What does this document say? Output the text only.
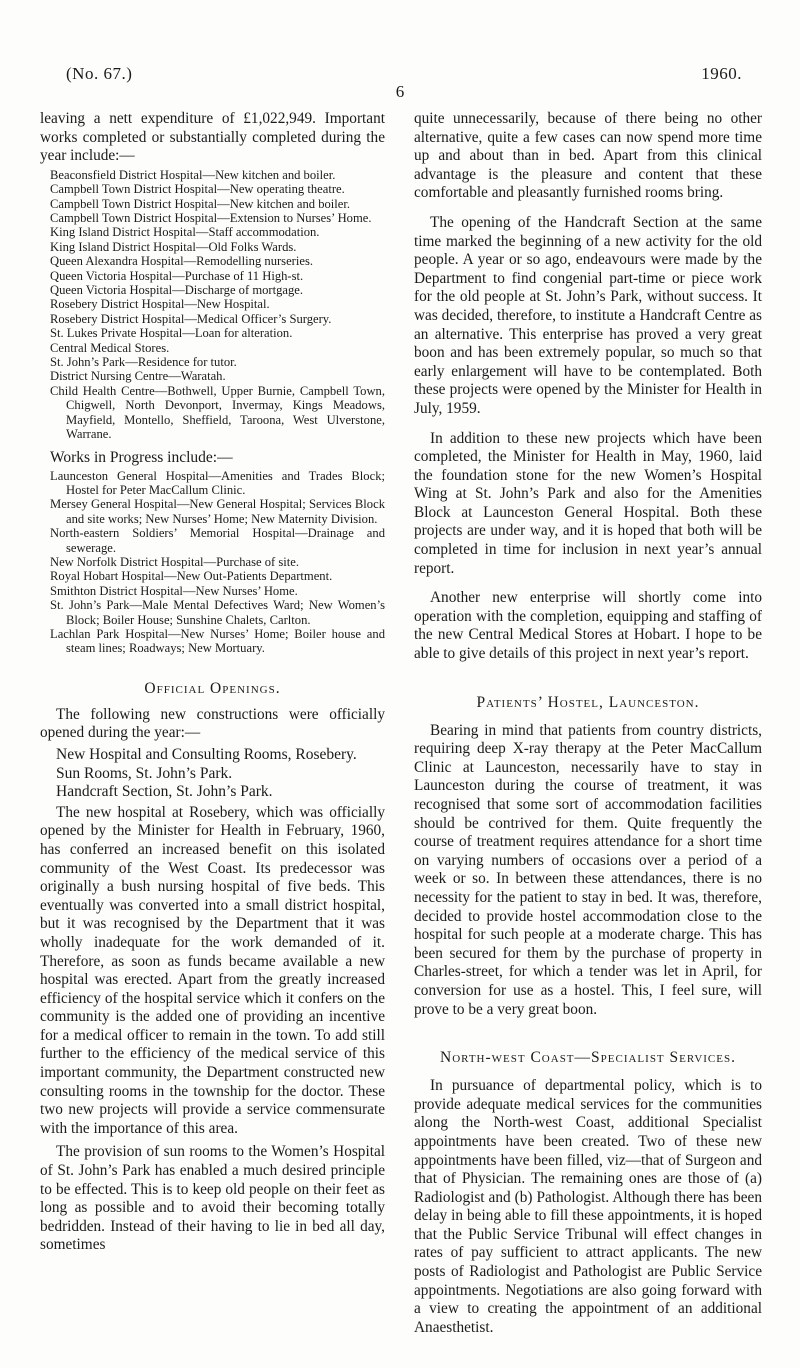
(No. 67.)
6
1960.

leaving a nett expenditure of £1,022,949. Important works completed or substantially completed during the year include:—

Beaconsfield District Hospital—New kitchen and boiler.
Campbell Town District Hospital—New operating theatre.
Campbell Town District Hospital—New kitchen and boiler.
Campbell Town District Hospital—Extension to Nurses’ Home.
King Island District Hospital—Staff accommodation.
King Island District Hospital—Old Folks Wards.
Queen Alexandra Hospital—Remodelling nurseries.
Queen Victoria Hospital—Purchase of 11 High-st.
Queen Victoria Hospital—Discharge of mortgage.
Rosebery District Hospital—New Hospital.
Rosebery District Hospital—Medical Officer’s Surgery.
St. Lukes Private Hospital—Loan for alteration.
Central Medical Stores.
St. John’s Park—Residence for tutor.
District Nursing Centre—Waratah.
Child Health Centre—Bothwell, Upper Burnie, Campbell Town, Chigwell, North Devonport, Invermay, Kings Meadows, Mayfield, Montello, Sheffield, Taroona, West Ulverstone, Warrane.
Works in Progress include:—
Launceston General Hospital—Amenities and Trades Block; Hostel for Peter MacCallum Clinic.
Mersey General Hospital—New General Hospital; Services Block and site works; New Nurses’ Home; New Maternity Division.
North-eastern Soldiers’ Memorial Hospital—Drainage and sewerage.
New Norfolk District Hospital—Purchase of site.
Royal Hobart Hospital—New Out-Patients Department.
Smithton District Hospital—New Nurses’ Home.
St. John’s Park—Male Mental Defectives Ward; New Women’s Block; Boiler House; Sunshine Chalets, Carlton.
Lachlan Park Hospital—New Nurses’ Home; Boiler house and steam lines; Roadways; New Mortuary.
Official Openings.

The following new constructions were officially opened during the year:—

New Hospital and Consulting Rooms, Rosebery.
Sun Rooms, St. John’s Park.
Handcraft Section, St. John’s Park.

The new hospital at Rosebery, which was officially opened by the Minister for Health in February, 1960, has conferred an increased benefit on this isolated community of the West Coast. Its predecessor was originally a bush nursing hospital of five beds. This eventually was converted into a small district hospital, but it was recognised by the Department that it was wholly inadequate for the work demanded of it. Therefore, as soon as funds became available a new hospital was erected. Apart from the greatly increased efficiency of the hospital service which it confers on the community is the added one of providing an incentive for a medical officer to remain in the town. To add still further to the efficiency of the medical service of this important community, the Department constructed new consulting rooms in the township for the doctor. These two new projects will provide a service commensurate with the importance of this area.

The provision of sun rooms to the Women’s Hospital of St. John’s Park has enabled a much desired principle to be effected. This is to keep old people on their feet as long as possible and to avoid their becoming totally bedridden. Instead of their having to lie in bed all day, sometimes

quite unnecessarily, because of there being no other alternative, quite a few cases can now spend more time up and about than in bed. Apart from this clinical advantage is the pleasure and content that these comfortable and pleasantly furnished rooms bring.

The opening of the Handcraft Section at the same time marked the beginning of a new activity for the old people. A year or so ago, endeavours were made by the Department to find congenial part-time or piece work for the old people at St. John’s Park, without success. It was decided, therefore, to institute a Handcraft Centre as an alternative. This enterprise has proved a very great boon and has been extremely popular, so much so that early enlargement will have to be contemplated. Both these projects were opened by the Minister for Health in July, 1959.

In addition to these new projects which have been completed, the Minister for Health in May, 1960, laid the foundation stone for the new Women’s Hospital Wing at St. John’s Park and also for the Amenities Block at Launceston General Hospital. Both these projects are under way, and it is hoped that both will be completed in time for inclusion in next year’s annual report.

Another new enterprise will shortly come into operation with the completion, equipping and staffing of the new Central Medical Stores at Hobart. I hope to be able to give details of this project in next year’s report.

Patients’ Hostel, Launceston.

Bearing in mind that patients from country districts, requiring deep X-ray therapy at the Peter MacCallum Clinic at Launceston, necessarily have to stay in Launceston during the course of treatment, it was recognised that some sort of accommodation facilities should be contrived for them. Quite frequently the course of treatment requires attendance for a short time on varying numbers of occasions over a period of a week or so. In between these attendances, there is no necessity for the patient to stay in bed. It was, therefore, decided to provide hostel accommodation close to the hospital for such people at a moderate charge. This has been secured for them by the purchase of property in Charles-street, for which a tender was let in April, for conversion for use as a hostel. This, I feel sure, will prove to be a very great boon.

North-west Coast—Specialist Services.

In pursuance of departmental policy, which is to provide adequate medical services for the communities along the North-west Coast, additional Specialist appointments have been created. Two of these new appointments have been filled, viz—that of Surgeon and that of Physician. The remaining ones are those of (a) Radiologist and (b) Pathologist. Although there has been delay in being able to fill these appointments, it is hoped that the Public Service Tribunal will effect changes in rates of pay sufficient to attract applicants. The new posts of Radiologist and Pathologist are Public Service appointments. Negotiations are also going forward with a view to creating the appointment of an additional Anaesthetist.
